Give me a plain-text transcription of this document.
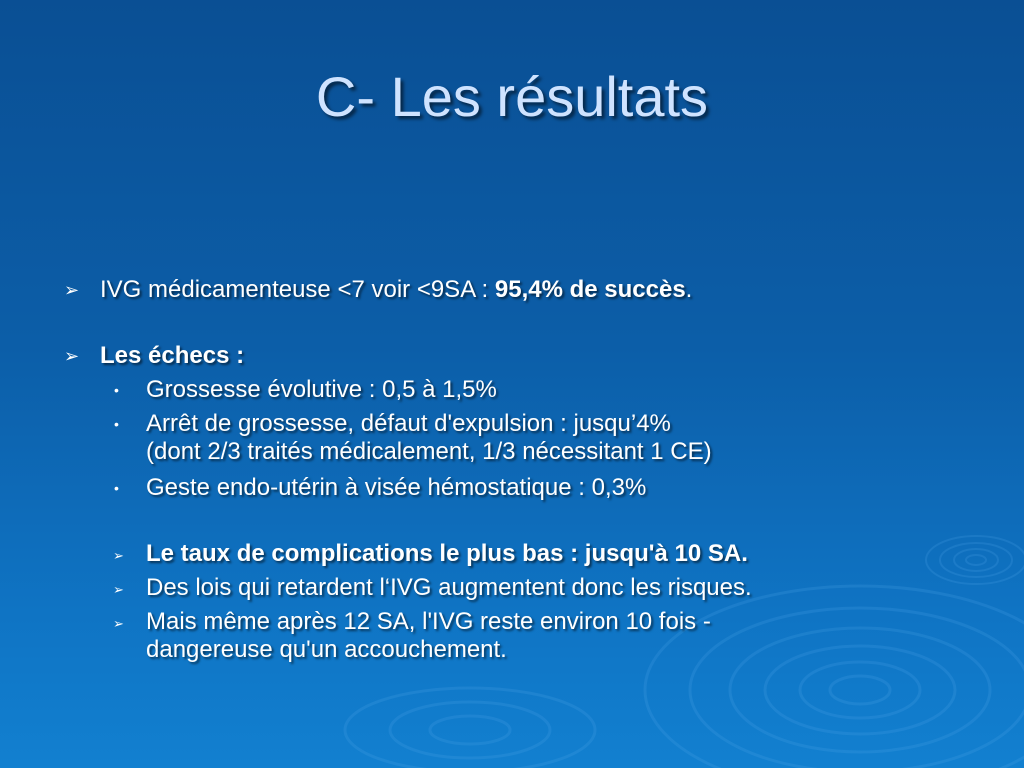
C- Les résultats
➢ IVG médicamenteuse <7 voir <9SA : 95,4% de succès.
➢ Les échecs :
• Grossesse évolutive : 0,5 à 1,5%
• Arrêt de grossesse, défaut d'expulsion : jusqu’4%
(dont 2/3 traités médicalement, 1/3 nécessitant 1 CE)
• Geste endo-utérin à visée hémostatique : 0,3%
➢ Le taux de complications le plus bas : jusqu'à 10 SA.
➢ Des lois qui retardent l‘IVG augmentent donc les risques.
➢ Mais même après 12 SA, l'IVG reste environ 10 fois -
dangereuse qu'un accouchement.
